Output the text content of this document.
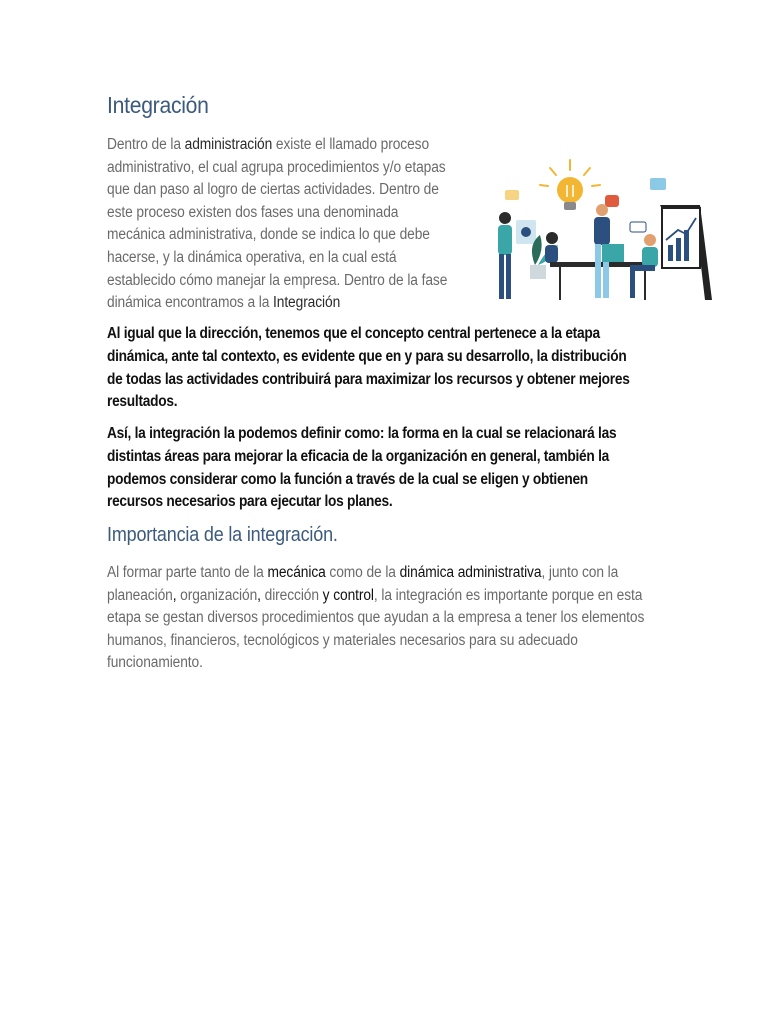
Integración
Dentro de la administración existe el llamado proceso administrativo, el cual agrupa procedimientos y/o etapas que dan paso al logro de ciertas actividades. Dentro de este proceso existen dos fases una denominada mecánica administrativa, donde se indica lo que debe hacerse, y la dinámica operativa, en la cual está establecido cómo manejar la empresa. Dentro de la fase dinámica encontramos a la Integración
Al igual que la dirección, tenemos que el concepto central pertenece a la etapa dinámica, ante tal contexto, es evidente que en y para su desarrollo, la distribución de todas las actividades contribuirá para maximizar los recursos y obtener mejores resultados.
Así, la integración la podemos definir como: la forma en la cual se relacionará las distintas áreas para mejorar la eficacia de la organización en general, también la podemos considerar como la función a través de la cual se eligen y obtienen recursos necesarios para ejecutar los planes.
Importancia de la integración.
Al formar parte tanto de la mecánica como de la dinámica administrativa, junto con la planeación, organización, dirección y control, la integración es importante porque en esta etapa se gestan diversos procedimientos que ayudan a la empresa a tener los elementos humanos, financieros, tecnológicos y materiales necesarios para su adecuado funcionamiento.
